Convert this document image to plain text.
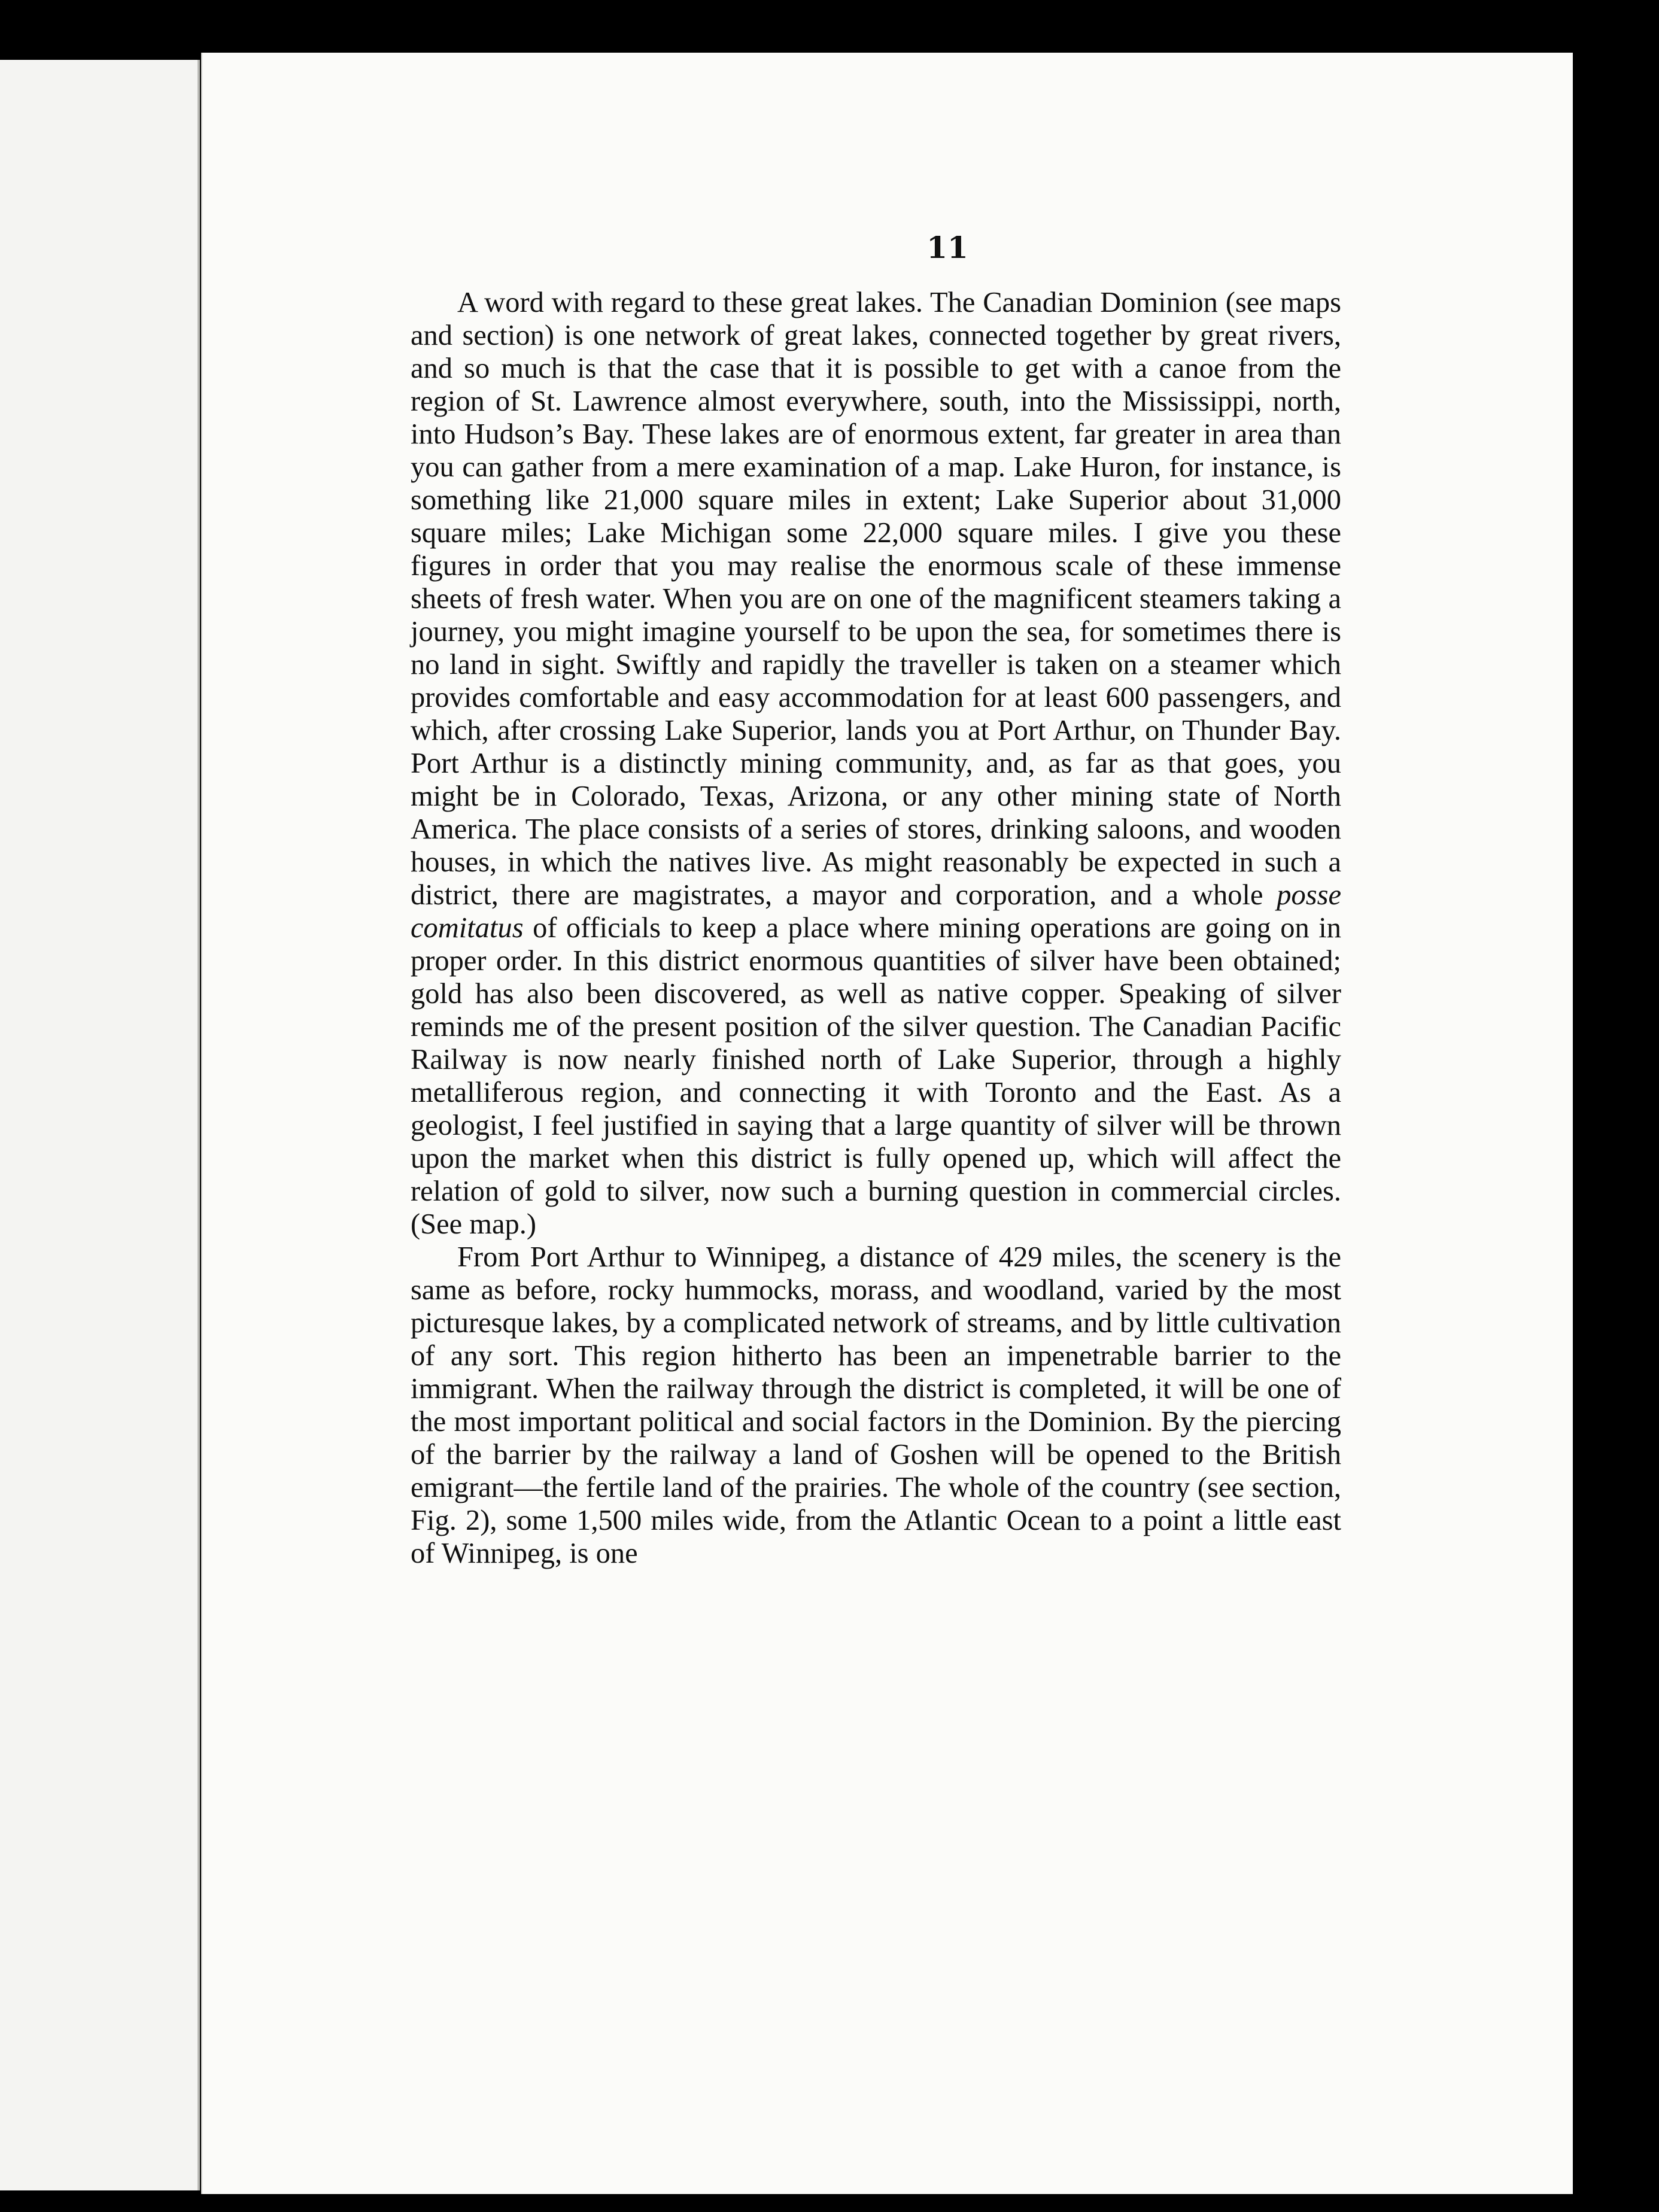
11

A word with regard to these great lakes. The Canadian Dominion (see maps and section) is one network of great lakes, connected together by great rivers, and so much is that the case that it is possible to get with a canoe from the region of St. Lawrence almost everywhere, south, into the Mississippi, north, into Hudson’s Bay. These lakes are of enormous extent, far greater in area than you can gather from a mere examination of a map. Lake Huron, for instance, is something like 21,000 square miles in extent; Lake Superior about 31,000 square miles; Lake Michigan some 22,000 square miles. I give you these figures in order that you may realise the enormous scale of these immense sheets of fresh water. When you are on one of the magnificent steamers taking a journey, you might imagine yourself to be upon the sea, for sometimes there is no land in sight. Swiftly and rapidly the traveller is taken on a steamer which provides comfortable and easy accommodation for at least 600 passengers, and which, after crossing Lake Superior, lands you at Port Arthur, on Thunder Bay. Port Arthur is a distinctly mining community, and, as far as that goes, you might be in Colorado, Texas, Arizona, or any other mining state of North America. The place consists of a series of stores, drinking saloons, and wooden houses, in which the natives live. As might reasonably be expected in such a district, there are magistrates, a mayor and corporation, and a whole posse comitatus of officials to keep a place where mining operations are going on in proper order. In this district enormous quantities of silver have been obtained; gold has also been discovered, as well as native copper. Speaking of silver reminds me of the present position of the silver question. The Canadian Pacific Railway is now nearly finished north of Lake Superior, through a highly metalliferous region, and connecting it with Toronto and the East. As a geologist, I feel justified in saying that a large quantity of silver will be thrown upon the market when this district is fully opened up, which will affect the relation of gold to silver, now such a burning question in commercial circles. (See map.)

From Port Arthur to Winnipeg, a distance of 429 miles, the scenery is the same as before, rocky hummocks, morass, and woodland, varied by the most picturesque lakes, by a complicated network of streams, and by little cultivation of any sort. This region hitherto has been an impenetrable barrier to the immigrant. When the railway through the district is completed, it will be one of the most important political and social factors in the Dominion. By the piercing of the barrier by the railway a land of Goshen will be opened to the British emigrant—the fertile land of the prairies. The whole of the country (see section, Fig. 2), some 1,500 miles wide, from the Atlantic Ocean to a point a little east of Winnipeg, is one
